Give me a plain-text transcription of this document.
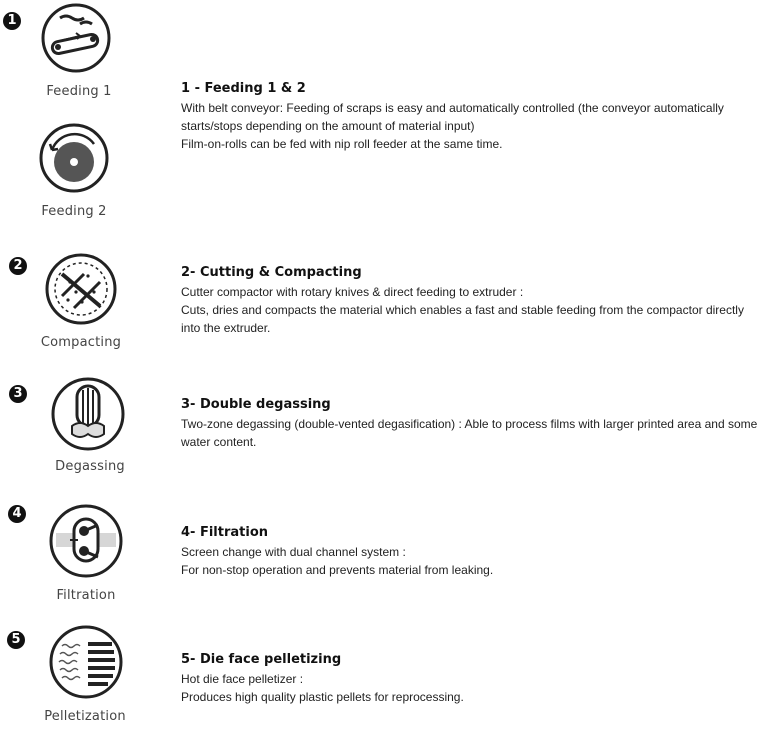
1
Feeding 1
Feeding 2
1 - Feeding 1 & 2

With belt conveyor: Feeding of scraps is easy and automatically controlled (the conveyor automatically starts/stops depending on the amount of material input)

Film-on-rolls can be fed with nip roll feeder at the same time.

2
Compacting
2- Cutting & Compacting

Cutter compactor with rotary knives & direct feeding to extruder :

Cuts, dries and compacts the material which enables a fast and stable feeding from the compactor directly into the extruder.

3
Degassing
3- Double degassing

Two-zone degassing (double-vented degasification) : Able to process films with larger printed area and some water content.

4
Filtration
4- Filtration

Screen change with dual channel system :

For non-stop operation and prevents material from leaking.

5
Pelletization
5- Die face pelletizing

Hot die face pelletizer :

Produces high quality plastic pellets for reprocessing.
